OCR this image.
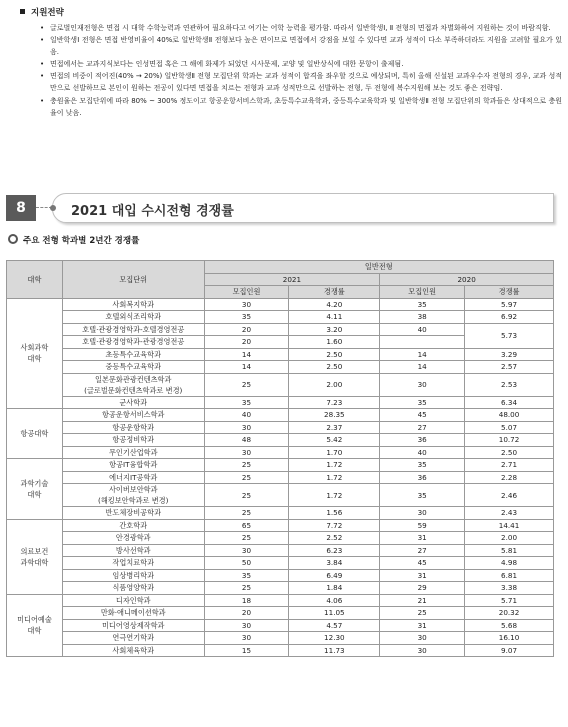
지원전략
• 글로벌인재전형은 면접 시 대학 수학능력과 연관하여 필요하다고 여기는 어학 능력을 평가함. 따라서 일반학생Ⅰ, Ⅱ 전형의 면접과 차별화하여 지원하는 것이 바람직함.
• 일반학생Ⅰ 전형은 면접 반영비율이 40%로 일반학생Ⅱ 전형보다 높은 편이므로 면접에서 강점을 보일 수 있다면 교과 성적이 다소 부족하더라도 지원을 고려할 필요가 있음.
• 면접에서는 교과지식보다는 인성면접 혹은 그 해에 화제가 되었던 시사문제, 교양 및 일반상식에 대한 문항이 출제됨.
• 면접의 비중이 적어진(40% → 20%) 일반학생Ⅱ 전형 모집단위 학과는 교과 성적이 합격을 좌우할 것으로 예상되며, 특히 올해 신설된 교과우수자 전형의 경우, 교과 성적만으로 선발하므로 본인이 원하는 전공이 있다면 면접을 치르는 전형과 교과 성적만으로 선발하는 전형, 두 전형에 복수지원해 보는 것도 좋은 전략임.
• 충원율은 모집단위에 따라 80% ~ 300% 정도이고 항공운항서비스학과, 초등특수교육학과, 중등특수교육학과 및 일반학생Ⅱ 전형 모집단위의 학과들은 상대적으로 충원율이 낮음.
8	2021 대입 수시전형 경쟁률
주요 전형 학과별 2년간 경쟁률
대학	모집단위	일반전형			
		2021		2020	
		모집인원	경쟁률	모집인원	경쟁률
사회과학
대학	사회복지학과	30	4.20	35	5.97
	호텔외식조리학과	35	4.11	38	6.92
	호텔·관광경영학과-호텔경영전공	20	3.20	40	5.73
	호텔·관광경영학과-관광경영전공	20	1.60		
	초등특수교육학과	14	2.50	14	3.29
	중등특수교육학과	14	2.50	14	2.57
	일본문화관광컨텐츠학과
(글로벌문화컨텐츠학과로 변경)	25	2.00	30	2.53
	군사학과	35	7.23	35	6.34
항공대학	항공운항서비스학과	40	28.35	45	48.00
	항공운항학과	30	2.37	27	5.07
	항공정비학과	48	5.42	36	10.72
	무인기산업학과	30	1.70	40	2.50
과학기술
대학	항공IT융합학과	25	1.72	35	2.71
	에너지IT공학과	25	1.72	36	2.28
	사이버보안학과
(해킹보안학과로 변경)	25	1.72	35	2.46
	반도체장비공학과	25	1.56	30	2.43
의료보건
과학대학	간호학과	65	7.72	59	14.41
	안경광학과	25	2.52	31	2.00
	방사선학과	30	6.23	27	5.81
	작업치료학과	50	3.84	45	4.98
	임상병리학과	35	6.49	31	6.81
	식품영양학과	25	1.84	29	3.38
미디어예술
대학	디자인학과	18	4.06	21	5.71
	만화·애니메이션학과	20	11.05	25	20.32
	미디어영상제작학과	30	4.57	31	5.68
	연극연기학과	30	12.30	30	16.10
	사회체육학과	15	11.73	30	9.07
